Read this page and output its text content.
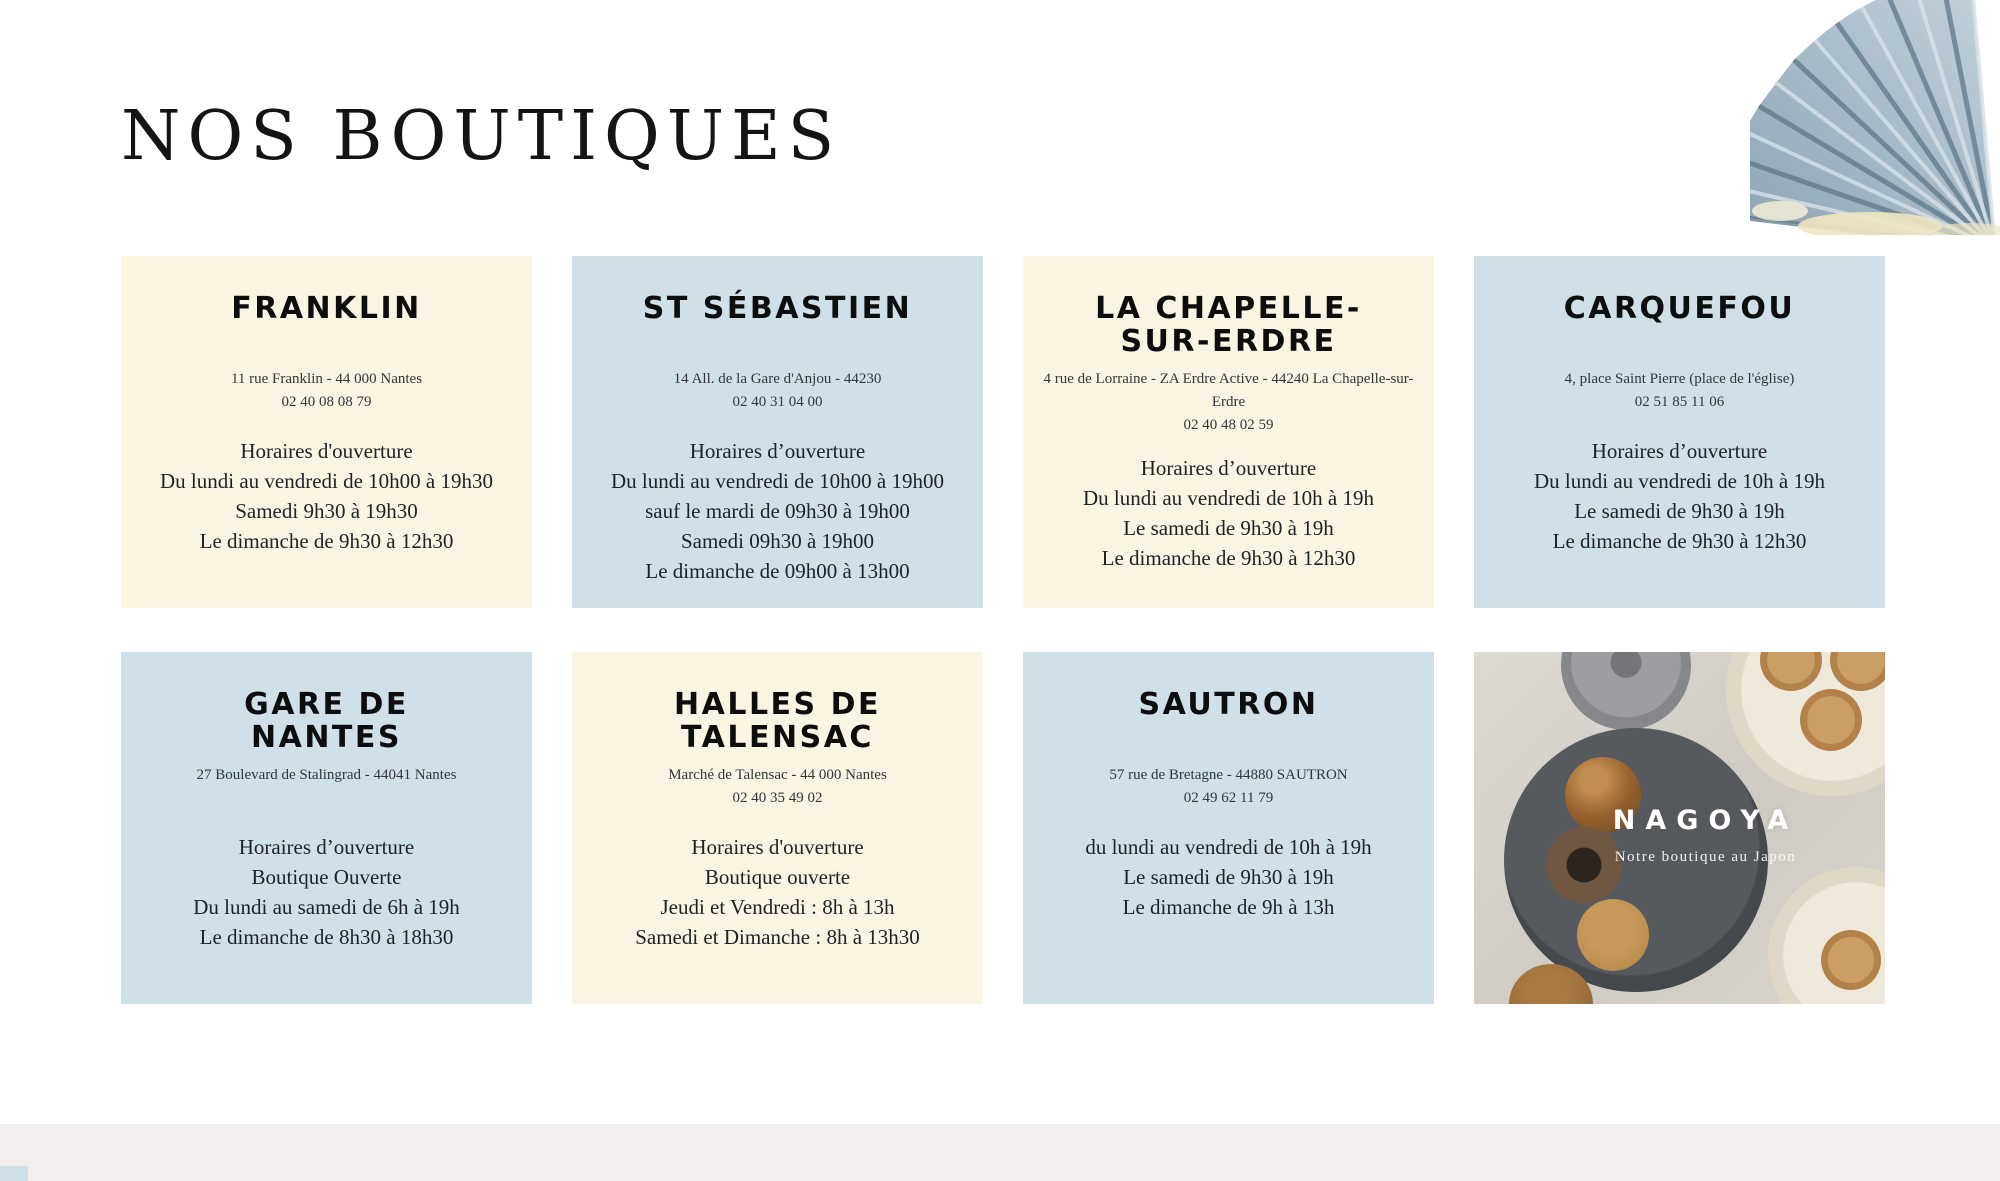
NOS BOUTIQUES
FRANKLIN
11 rue Franklin - 44 000 Nantes
02 40 08 08 79
Horaires d'ouverture
Du lundi au vendredi de 10h00 à 19h30
Samedi 9h30 à 19h30
Le dimanche de 9h30 à 12h30
ST SÉBASTIEN
14 All. de la Gare d'Anjou - 44230
02 40 31 04 00
Horaires d’ouverture
Du lundi au vendredi de 10h00 à 19h00
sauf le mardi de 09h30 à 19h00
Samedi 09h30 à 19h00
Le dimanche de 09h00 à 13h00
LA CHAPELLE-
SUR-ERDRE
4 rue de Lorraine - ZA Erdre Active - 44240 La Chapelle-sur-Erdre
02 40 48 02 59
Horaires d’ouverture
Du lundi au vendredi de 10h à 19h
Le samedi de 9h30 à 19h
Le dimanche de 9h30 à 12h30
CARQUEFOU
4, place Saint Pierre (place de l'église)
02 51 85 11 06
Horaires d’ouverture
Du lundi au vendredi de 10h à 19h
Le samedi de 9h30 à 19h
Le dimanche de 9h30 à 12h30
GARE DE
NANTES
27 Boulevard de Stalingrad - 44041 Nantes
Horaires d’ouverture
Boutique Ouverte
Du lundi au samedi de 6h à 19h
Le dimanche de 8h30 à 18h30
HALLES DE
TALENSAC
Marché de Talensac - 44 000 Nantes
02 40 35 49 02
Horaires d'ouverture
Boutique ouverte
Jeudi et Vendredi : 8h à 13h
Samedi et Dimanche : 8h à 13h30
SAUTRON
57 rue de Bretagne - 44880 SAUTRON
02 49 62 11 79
du lundi au vendredi de 10h à 19h
Le samedi de 9h30 à 19h
Le dimanche de 9h à 13h
NAGOYA
Notre boutique au Japon
